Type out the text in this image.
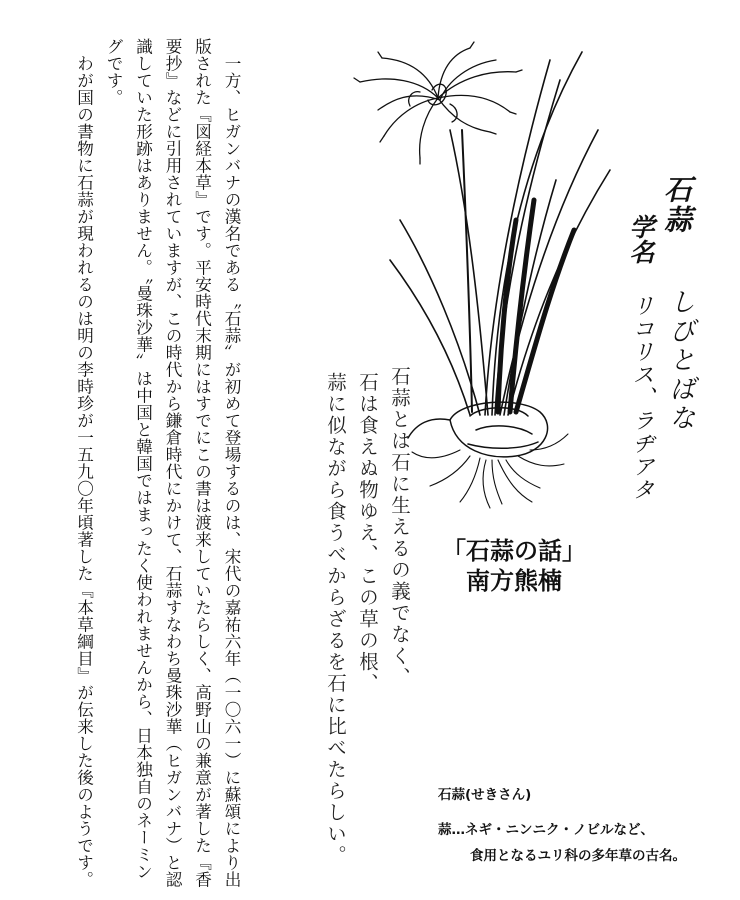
一方、ヒガンバナの漢名である〝石蒜〟が初めて登場するのは、宋代の嘉祐六年（一〇六一）に蘇頌により出版された『図経本草』です。平安時代末期にはすでにこの書は渡来していたらしく、高野山の兼意が著した『香要抄』などに引用されていますが、この時代から鎌倉時代にかけて、石蒜すなわち曼珠沙華（ヒガンバナ）と認識していた形跡はありません。〝曼珠沙華〟は中国と韓国ではまったく使われませんから、日本独自のネーミングです。

わが国の書物に石蒜が現われるのは明の李時珍が一五九〇年頃著した『本草綱目』が伝来した後のようです。	石蒜
学名
しびとばな
リコリス、ラヂアタ
石蒜とは石に生えるの義でなく、
石は食えぬ物ゆえ、この草の根、
蒜に似ながら食うべからざるを石に比べたらしい。	「石蒜の話」
南方熊楠
石蒜(せきさん)
蒜…ネギ・ニンニク・ノビルなど、
食用となるユリ科の多年草の古名。
